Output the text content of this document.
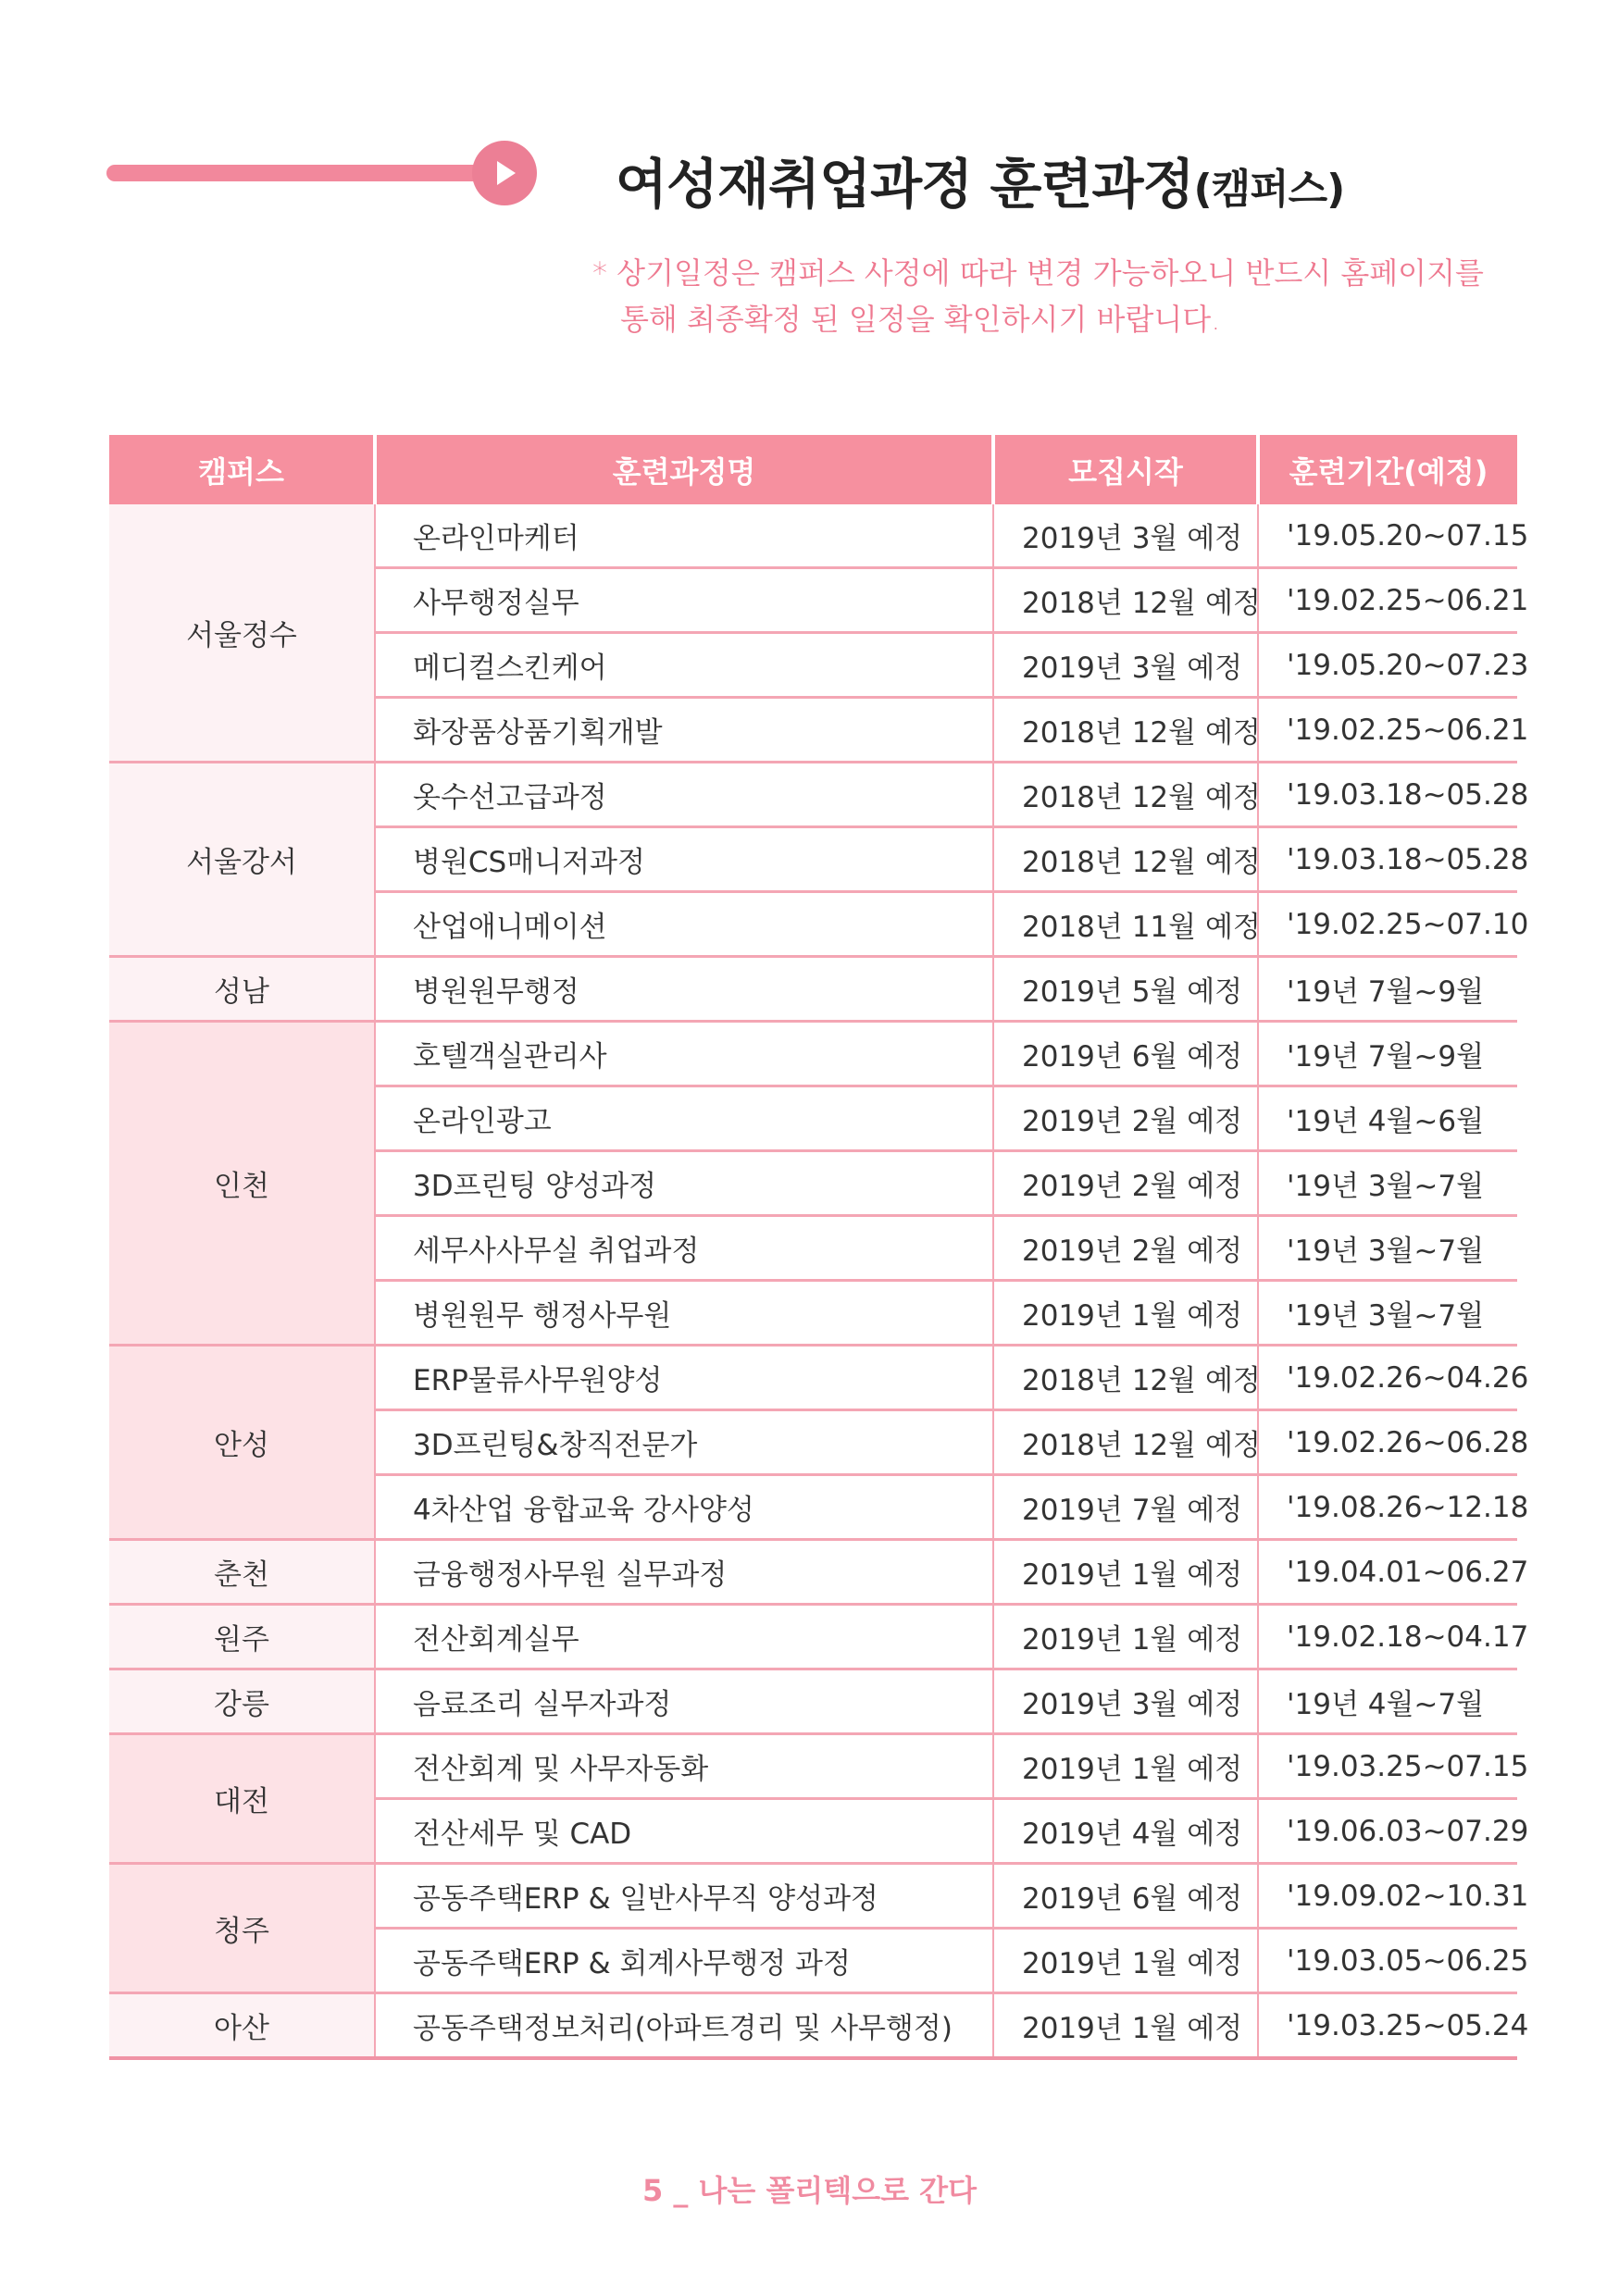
여성재취업과정 훈련과정(캠퍼스)
* 상기일정은 캠퍼스 사정에 따라 변경 가능하오니 반드시 홈페이지를
통해 최종확정 된 일정을 확인하시기 바랍니다.
캠퍼스	훈련과정명	모집시작	훈련기간(예정)
서울정수	온라인마케터	2019년 3월 예정	'19.05.20~07.15
	사무행정실무	2018년 12월 예정	'19.02.25~06.21
	메디컬스킨케어	2019년 3월 예정	'19.05.20~07.23
	화장품상품기획개발	2018년 12월 예정	'19.02.25~06.21
서울강서	옷수선고급과정	2018년 12월 예정	'19.03.18~05.28
	병원CS매니저과정	2018년 12월 예정	'19.03.18~05.28
	산업애니메이션	2018년 11월 예정	'19.02.25~07.10
성남	병원원무행정	2019년 5월 예정	'19년 7월~9월
인천	호텔객실관리사	2019년 6월 예정	'19년 7월~9월
	온라인광고	2019년 2월 예정	'19년 4월~6월
	3D프린팅 양성과정	2019년 2월 예정	'19년 3월~7월
	세무사사무실 취업과정	2019년 2월 예정	'19년 3월~7월
	병원원무 행정사무원	2019년 1월 예정	'19년 3월~7월
안성	ERP물류사무원양성	2018년 12월 예정	'19.02.26~04.26
	3D프린팅&창직전문가	2018년 12월 예정	'19.02.26~06.28
	4차산업 융합교육 강사양성	2019년 7월 예정	'19.08.26~12.18
춘천	금융행정사무원 실무과정	2019년 1월 예정	'19.04.01~06.27
원주	전산회계실무	2019년 1월 예정	'19.02.18~04.17
강릉	음료조리 실무자과정	2019년 3월 예정	'19년 4월~7월
대전	전산회계 및 사무자동화	2019년 1월 예정	'19.03.25~07.15
	전산세무 및 CAD	2019년 4월 예정	'19.06.03~07.29
청주	공동주택ERP & 일반사무직 양성과정	2019년 6월 예정	'19.09.02~10.31
	공동주택ERP & 회계사무행정 과정	2019년 1월 예정	'19.03.05~06.25
아산	공동주택정보처리(아파트경리 및 사무행정)	2019년 1월 예정	'19.03.25~05.24
5 _ 나는 폴리텍으로 간다
